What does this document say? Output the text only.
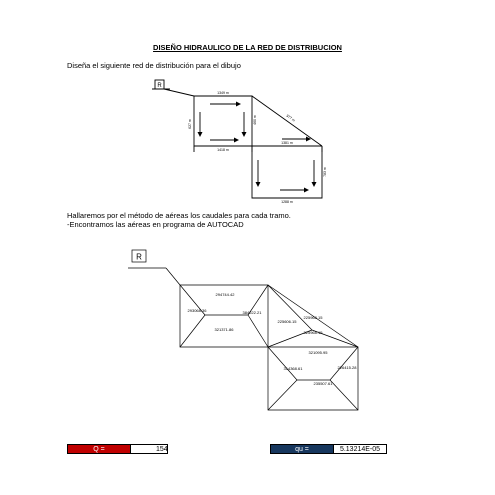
DISEÑO HIDRAULICO DE LA RED DE DISTRIBUCION
Diseña el siguiente red de distribución para el dibujo
R
1349 m
627 m	460 m	977 m
1418 m
1381 m
783 m
1288 m
Hallaremos por el método de aéreas los caudales para cada tramo.
-Encontramos las aéreas en programa de AUTOCAD
R
294744.42
293068.36	384222.21
321371.86
225968.15
325968.15
225606.15
321095.95
314368.61	226415.28
235507.61
Q =	154	qu =	5.13214E-05
